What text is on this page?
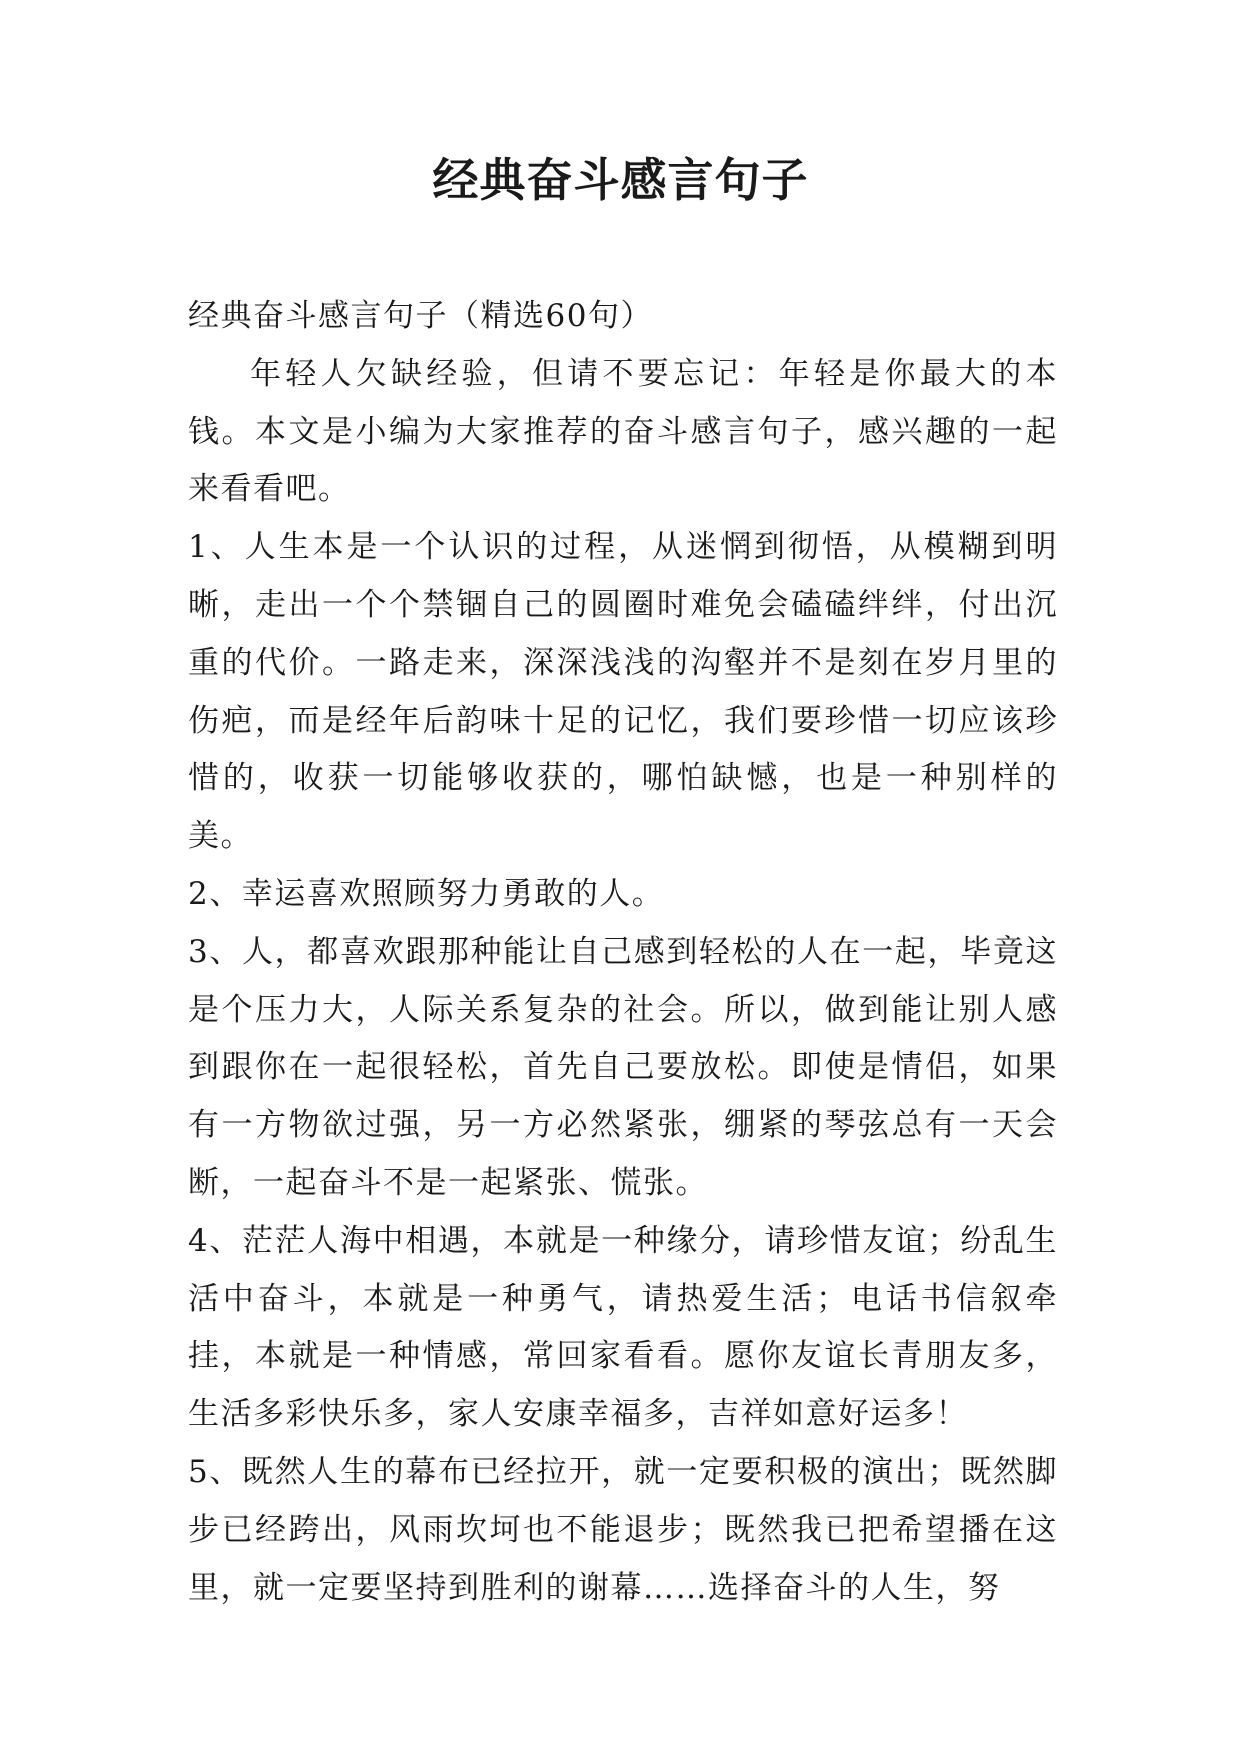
经典奋斗感言句子

经典奋斗感言句子（精选60句）

年轻人欠缺经验，但请不要忘记：年轻是你最大的本钱。本文是小编为大家推荐的奋斗感言句子，感兴趣的一起来看看吧。

1、人生本是一个认识的过程，从迷惘到彻悟，从模糊到明晰，走出一个个禁锢自己的圆圈时难免会磕磕绊绊，付出沉重的代价。一路走来，深深浅浅的沟壑并不是刻在岁月里的伤疤，而是经年后韵味十足的记忆，我们要珍惜一切应该珍惜的，收获一切能够收获的，哪怕缺憾，也是一种别样的美。

2、幸运喜欢照顾努力勇敢的人。

3、人，都喜欢跟那种能让自己感到轻松的人在一起，毕竟这是个压力大，人际关系复杂的社会。所以，做到能让别人感到跟你在一起很轻松，首先自己要放松。即使是情侣，如果有一方物欲过强，另一方必然紧张，绷紧的琴弦总有一天会断，一起奋斗不是一起紧张、慌张。

4、茫茫人海中相遇，本就是一种缘分，请珍惜友谊；纷乱生活中奋斗，本就是一种勇气，请热爱生活；电话书信叙牵挂，本就是一种情感，常回家看看。愿你友谊长青朋友多，生活多彩快乐多，家人安康幸福多，吉祥如意好运多！

5、既然人生的幕布已经拉开，就一定要积极的演出；既然脚步已经跨出，风雨坎坷也不能退步；既然我已把希望播在这里，就一定要坚持到胜利的谢幕……选择奋斗的人生，努
